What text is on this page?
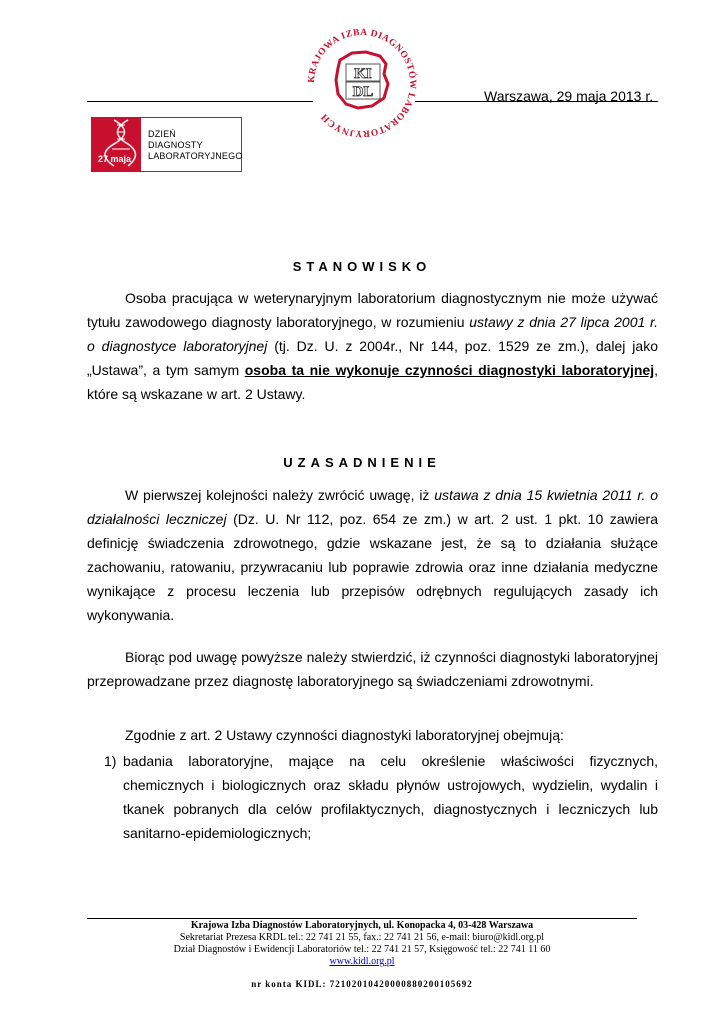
KRAJOWA IZBA DIAGNOSTÓW LABORATORYJNYCH
KI
DL	Warszawa, 29 maja 2013 r.
27 maja
DZIEŃ
DIAGNOSTY
LABORATORYJNEGO
STANOWISKO
Osoba pracująca w weterynaryjnym laboratorium diagnostycznym nie może używać tytułu zawodowego diagnosty laboratoryjnego, w rozumieniu ustawy z dnia 27 lipca 2001 r. o diagnostyce laboratoryjnej (tj. Dz. U. z 2004r., Nr 144, poz. 1529 ze zm.), dalej jako „Ustawa”, a tym samym osoba ta nie wykonuje czynności diagnostyki laboratoryjnej, które są wskazane w art. 2 Ustawy.
UZASADNIENIE
W pierwszej kolejności należy zwrócić uwagę, iż ustawa z dnia 15 kwietnia 2011 r. o działalności leczniczej (Dz. U. Nr 112, poz. 654 ze zm.) w art. 2 ust. 1 pkt. 10 zawiera definicję świadczenia zdrowotnego, gdzie wskazane jest, że są to działania służące zachowaniu, ratowaniu, przywracaniu lub poprawie zdrowia oraz inne działania medyczne wynikające z procesu leczenia lub przepisów odrębnych regulujących zasady ich wykonywania.
Biorąc pod uwagę powyższe należy stwierdzić, iż czynności diagnostyki laboratoryjnej przeprowadzane przez diagnostę laboratoryjnego są świadczeniami zdrowotnymi.
Zgodnie z art. 2 Ustawy czynności diagnostyki laboratoryjnej obejmują:
1) badania laboratoryjne, mające na celu określenie właściwości fizycznych, chemicznych i biologicznych oraz składu płynów ustrojowych, wydzielin, wydalin i tkanek pobranych dla celów profilaktycznych, diagnostycznych i leczniczych lub sanitarno-epidemiologicznych;
Krajowa Izba Diagnostów Laboratoryjnych, ul. Konopacka 4, 03-428 Warszawa
Sekretariat Prezesa KRDL tel.: 22 741 21 55, fax.: 22 741 21 56, e-mail: biuro@kidl.org.pl
Dział Diagnostów i Ewidencji Laboratoriów tel.: 22 741 21 57, Księgowość tel.: 22 741 11 60
www.kidl.org.pl
nr konta KIDL: 72102010420000880200105692
